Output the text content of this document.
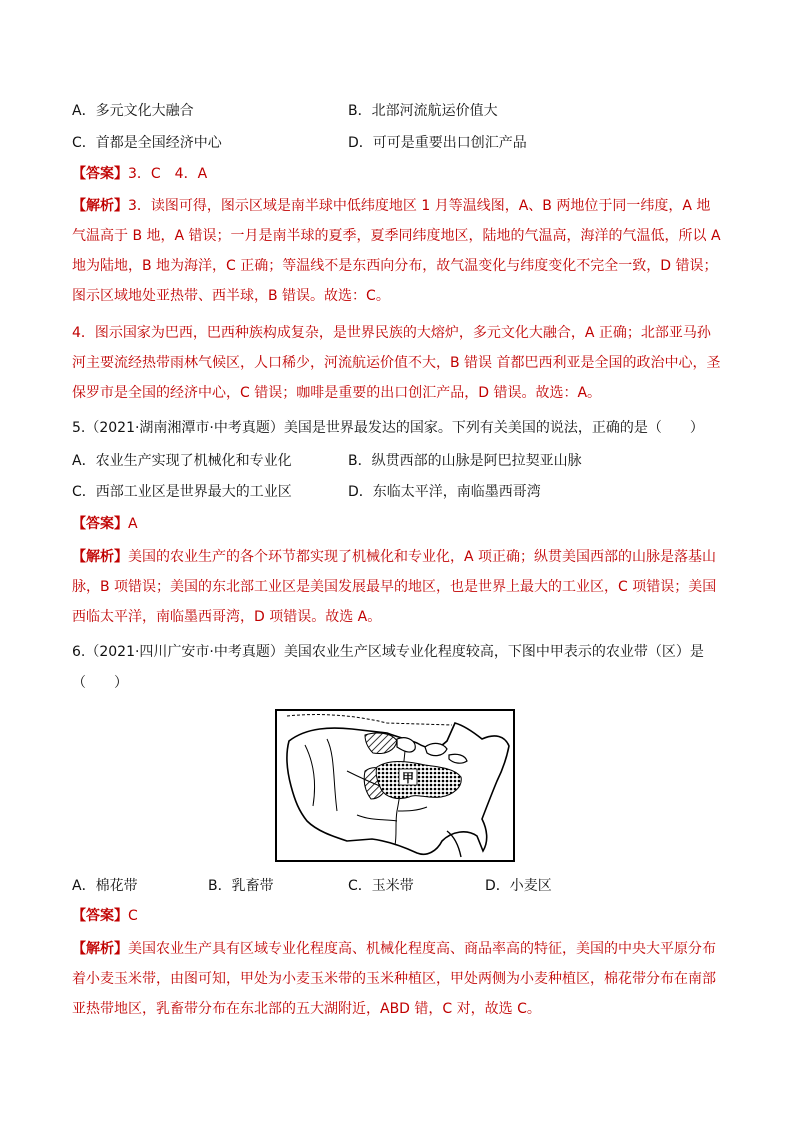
A．多元文化大融合	B．北部河流航运价值大
C．首都是全国经济中心	D．可可是重要出口创汇产品
【答案】3．C　4．A
【解析】3．读图可得，图示区域是南半球中低纬度地区 1 月等温线图，A、B 两地位于同一纬度，A 地气温高于 B 地，A 错误；一月是南半球的夏季，夏季同纬度地区，陆地的气温高，海洋的气温低，所以 A 地为陆地，B 地为海洋，C 正确；等温线不是东西向分布，故气温变化与纬度变化不完全一致，D 错误；图示区域地处亚热带、西半球，B 错误。故选：C。
4．图示国家为巴西，巴西种族构成复杂，是世界民族的大熔炉，多元文化大融合，A 正确；北部亚马孙河主要流经热带雨林气候区，人口稀少，河流航运价值不大，B 错误 首都巴西利亚是全国的政治中心，圣保罗市是全国的经济中心，C 错误；咖啡是重要的出口创汇产品，D 错误。故选：A。
5.（2021·湖南湘潭市·中考真题）美国是世界最发达的国家。下列有关美国的说法，正确的是（　　）
A．农业生产实现了机械化和专业化	B．纵贯西部的山脉是阿巴拉契亚山脉
C．西部工业区是世界最大的工业区	D．东临太平洋，南临墨西哥湾
【答案】A
【解析】美国的农业生产的各个环节都实现了机械化和专业化，A 项正确；纵贯美国西部的山脉是落基山脉，B 项错误；美国的东北部工业区是美国发展最早的地区，也是世界上最大的工业区，C 项错误；美国西临太平洋，南临墨西哥湾，D 项错误。故选 A。
6.（2021·四川广安市·中考真题）美国农业生产区域专业化程度较高，下图中甲表示的农业带（区）是
（　　）
甲
A．棉花带	B．乳畜带	C．玉米带	D．小麦区
【答案】C
【解析】美国农业生产具有区域专业化程度高、机械化程度高、商品率高的特征，美国的中央大平原分布着小麦玉米带，由图可知，甲处为小麦玉米带的玉米种植区，甲处两侧为小麦种植区，棉花带分布在南部亚热带地区，乳畜带分布在东北部的五大湖附近，ABD 错，C 对，故选 C。
